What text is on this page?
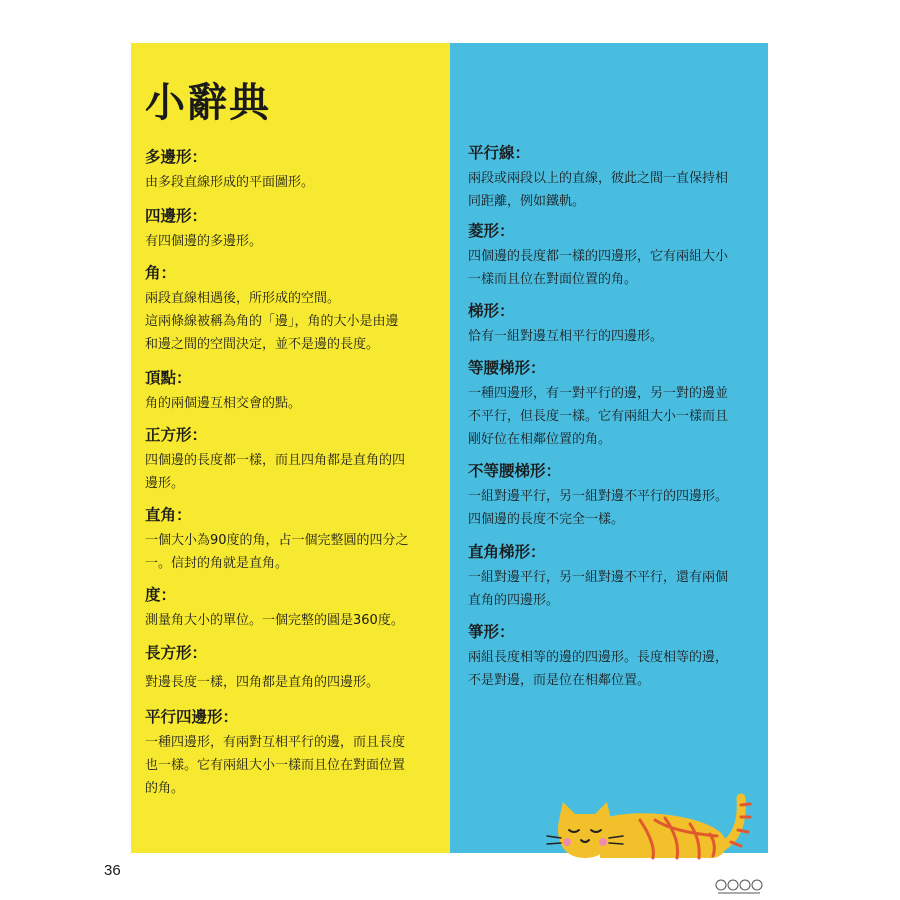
小辭典

多邊形：

由多段直線形成的平面圖形。

四邊形：

有四個邊的多邊形。

角：

兩段直線相遇後，所形成的空間。
這兩條線被稱為角的「邊」，角的大小是由邊
和邊之間的空間決定，並不是邊的長度。

頂點：

角的兩個邊互相交會的點。

正方形：

四個邊的長度都一樣，而且四角都是直角的四
邊形。

直角：

一個大小為90度的角，占一個完整圓的四分之
一。信封的角就是直角。

度：

測量角大小的單位。一個完整的圓是360度。

長方形：

對邊長度一樣，四角都是直角的四邊形。

平行四邊形：

一種四邊形，有兩對互相平行的邊，而且長度
也一樣。它有兩組大小一樣而且位在對面位置
的角。

平行線：

兩段或兩段以上的直線，彼此之間一直保持相
同距離，例如鐵軌。

菱形：

四個邊的長度都一樣的四邊形，它有兩組大小
一樣而且位在對面位置的角。

梯形：

恰有一組對邊互相平行的四邊形。

等腰梯形：

一種四邊形，有一對平行的邊，另一對的邊並
不平行，但長度一樣。它有兩組大小一樣而且
剛好位在相鄰位置的角。

不等腰梯形：

一組對邊平行，另一組對邊不平行的四邊形。
四個邊的長度不完全一樣。

直角梯形：

一組對邊平行，另一組對邊不平行，還有兩個
直角的四邊形。

箏形：

兩組長度相等的邊的四邊形。長度相等的邊，
不是對邊，而是位在相鄰位置。

36
